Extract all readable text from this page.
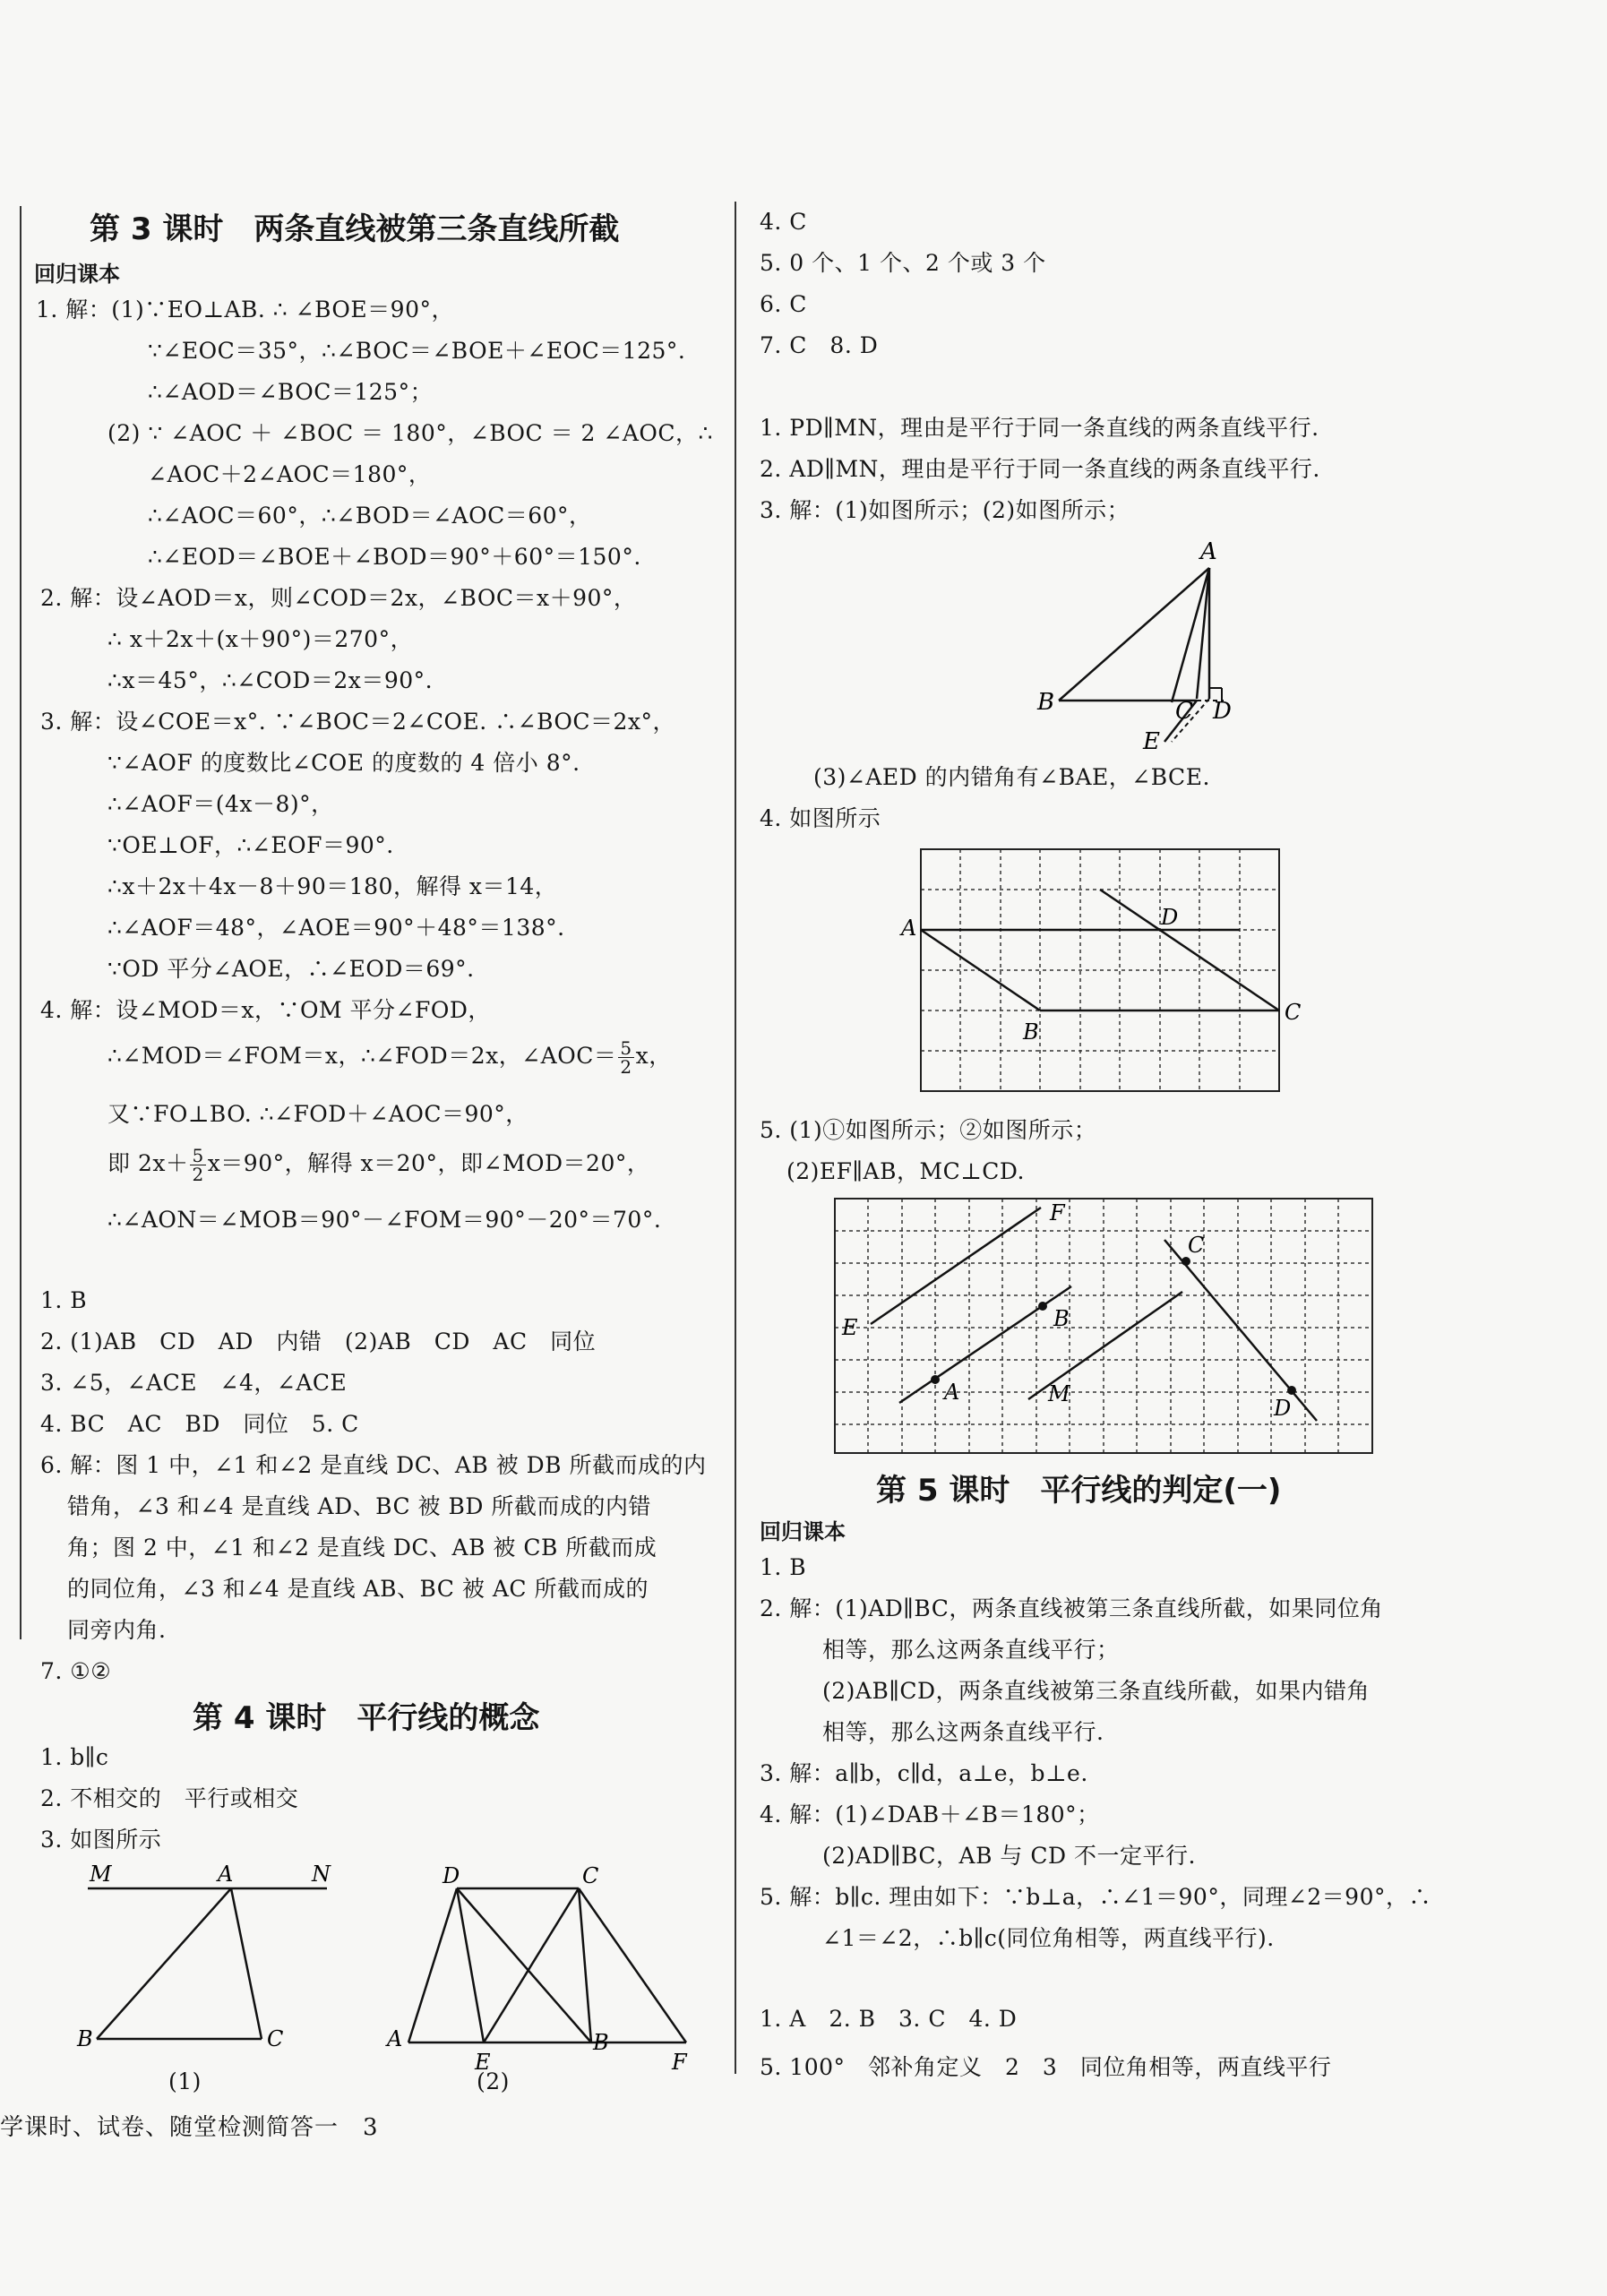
第 3 课时　两条直线被第三条直线所截
回归课本
1. 解：(1)∵EO⊥AB. ∴ ∠BOE＝90°，
∵∠EOC＝35°，∴∠BOC＝∠BOE＋∠EOC＝125°.
∴∠AOD＝∠BOC＝125°；
(2) ∵ ∠AOC ＋ ∠BOC ＝ 180°，∠BOC ＝ 2 ∠AOC，∴
∠AOC＋2∠AOC＝180°，
∴∠AOC＝60°，∴∠BOD＝∠AOC＝60°，
∴∠EOD＝∠BOE＋∠BOD＝90°＋60°＝150°.
2. 解：设∠AOD＝x，则∠COD＝2x，∠BOC＝x＋90°，
∴ x＋2x＋(x＋90°)＝270°，
∴x＝45°，∴∠COD＝2x＝90°.
3. 解：设∠COE＝x°. ∵∠BOC＝2∠COE. ∴∠BOC＝2x°，
∵∠AOF 的度数比∠COE 的度数的 4 倍小 8°.
∴∠AOF＝(4x－8)°，
∵OE⊥OF，∴∠EOF＝90°.
∴x＋2x＋4x－8＋90＝180，解得 x＝14，
∴∠AOF＝48°，∠AOE＝90°＋48°＝138°.
∵OD 平分∠AOE，∴∠EOD＝69°.
4. 解：设∠MOD＝x，∵OM 平分∠FOD，
∴∠MOD＝∠FOM＝x，∴∠FOD＝2x，∠AOC＝ $\frac{5}{2}$ x，
又∵FO⊥BO. ∴∠FOD＋∠AOC＝90°，
即 $2x+ \frac{5}{2} x=90^\circ$，解得 x＝20°，即∠MOD＝20°，
∴∠AON＝∠MOB＝90°－∠FOM＝90°－20°＝70°.
1. B
2. (1)AB　CD　AD　内错　(2)AB　CD　AC　同位
3. ∠5，∠ACE　∠4，∠ACE
4. BC　AC　BD　同位　5. C
6. 解：图 1 中，∠1 和∠2 是直线 DC、AB 被 DB 所截而成的内
错角，∠3 和∠4 是直线 AD、BC 被 BD 所截而成的内错
角；图 2 中，∠1 和∠2 是直线 DC、AB 被 CB 所截而成
的同位角，∠3 和∠4 是直线 AB、BC 被 AC 所截而成的
同旁内角.
7. ①②
第 4 课时　平行线的概念
1. b∥c
2. 不相交的　平行或相交
3. 如图所示
M	A	N
B	C
(1)
D	C
A
E
B
F
(2)
4. C
5. 0 个、1 个、2 个或 3 个
6. C
7. C　8. D
1. PD∥MN，理由是平行于同一条直线的两条直线平行.
2. AD∥MN，理由是平行于同一条直线的两条直线平行.
3. 解：(1)如图所示；(2)如图所示；
A
B	C D
E
(3)∠AED 的内错角有∠BAE，∠BCE.
4. 如图所示
A	D
B
C
5. (1)①如图所示；②如图所示；
(2)EF∥AB，MC⊥CD.
F
C
E	B
A	M
D
第 5 课时　平行线的判定(一)
回归课本
1. B
2. 解：(1)AD∥BC，两条直线被第三条直线所截，如果同位角
相等，那么这两条直线平行；
(2)AB∥CD，两条直线被第三条直线所截，如果内错角
相等，那么这两条直线平行.
3. 解：a∥b，c∥d，a⊥e，b⊥e.
4. 解：(1)∠DAB＋∠B＝180°；
(2)AD∥BC，AB 与 CD 不一定平行.
5. 解：b∥c. 理由如下：∵b⊥a，∴∠1＝90°，同理∠2＝90°，∴
∠1＝∠2，∴b∥c(同位角相等，两直线平行).
1. A　2. B　3. C　4. D
5. 100°　邻补角定义　2　3　同位角相等，两直线平行
学课时、试卷、随堂检测简答一　3
